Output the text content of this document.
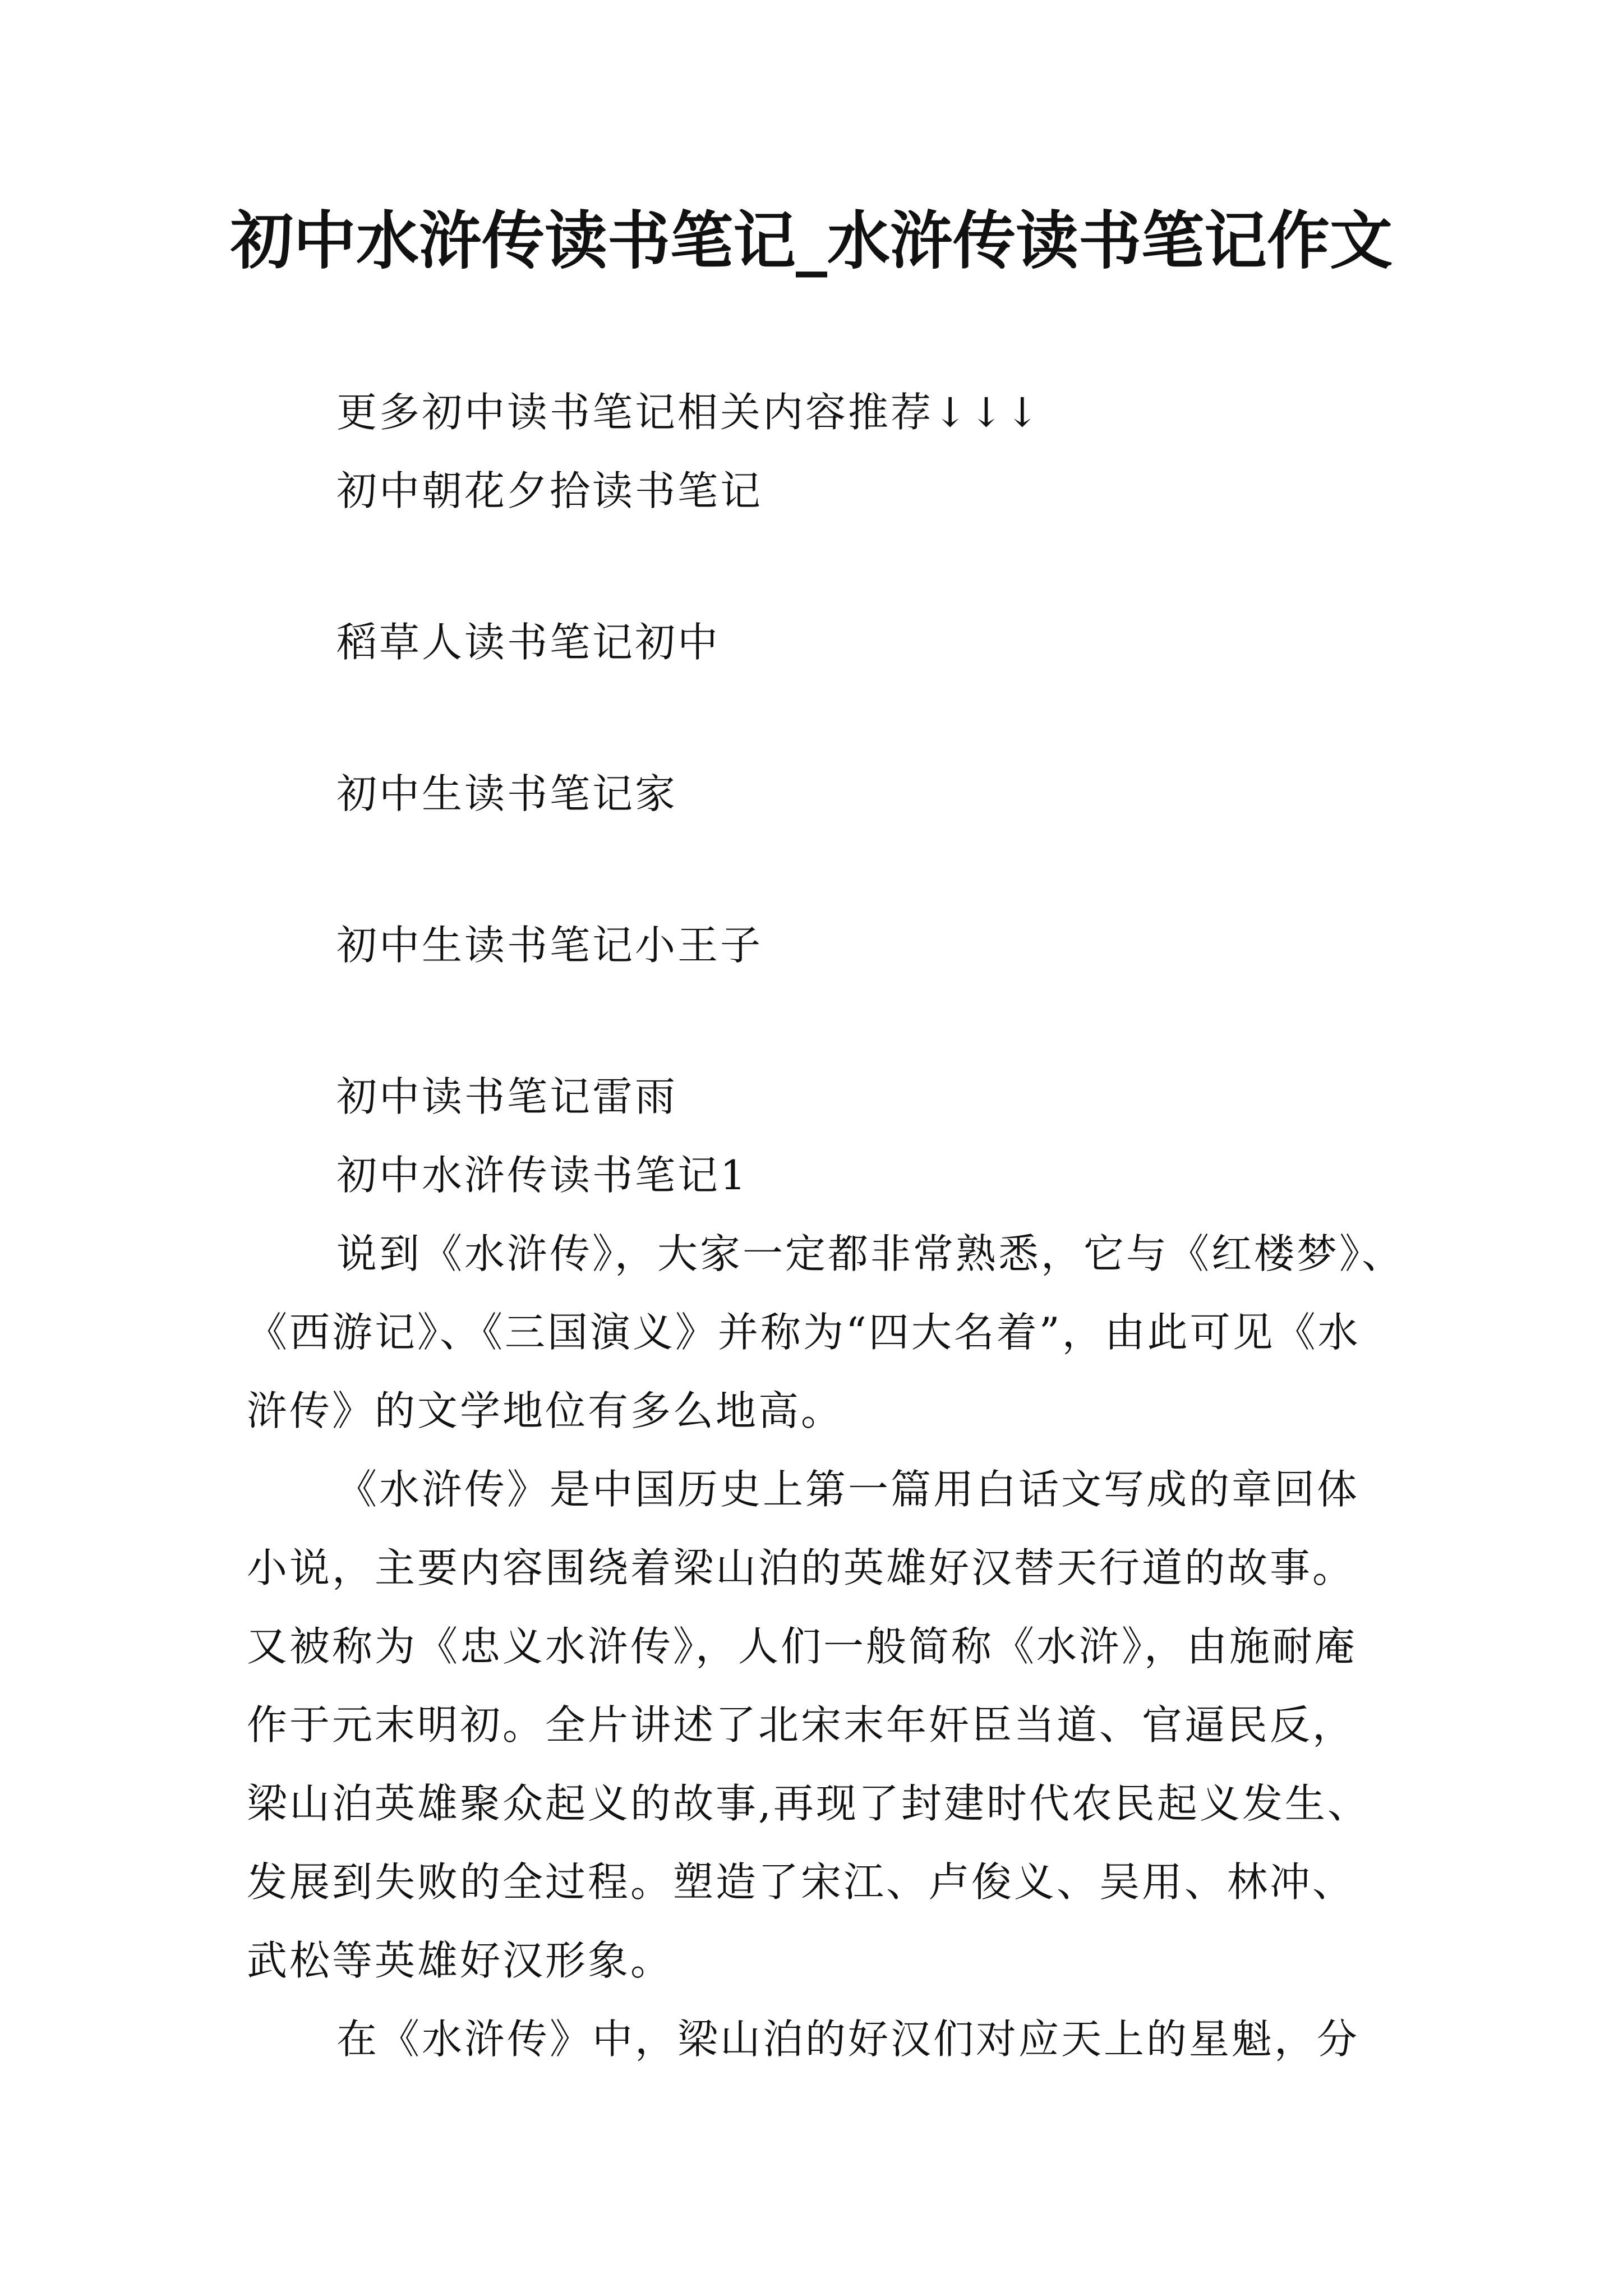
初中水浒传读书笔记_水浒传读书笔记作文
更多初中读书笔记相关内容推荐↓↓↓
初中朝花夕拾读书笔记
稻草人读书笔记初中
初中生读书笔记家
初中生读书笔记小王子
初中读书笔记雷雨
初中水浒传读书笔记1
说到《水浒传》，大家一定都非常熟悉，它与《红楼梦》、
《西游记》、《三国演义》并称为“四大名着”，由此可见《水
浒传》的文学地位有多么地高。
《水浒传》是中国历史上第一篇用白话文写成的章回体
小说，主要内容围绕着梁山泊的英雄好汉替天行道的故事。
又被称为《忠义水浒传》，人们一般简称《水浒》，由施耐庵
作于元末明初。全片讲述了北宋末年奸臣当道、官逼民反，
梁山泊英雄聚众起义的故事,再现了封建时代农民起义发生、
发展到失败的全过程。塑造了宋江、卢俊义、吴用、林冲、
武松等英雄好汉形象。
在《水浒传》中，梁山泊的好汉们对应天上的星魁，分
